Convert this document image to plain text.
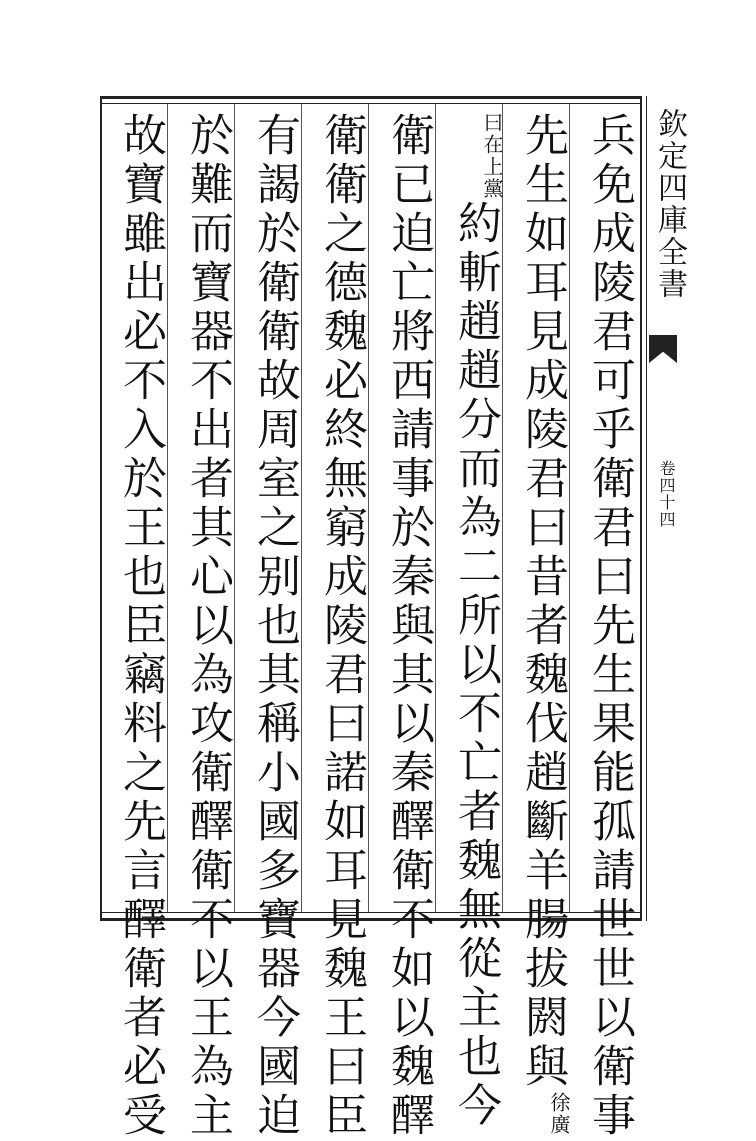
欽定四庫全書
卷四十四
兵免成陵君可乎衛君曰先生果能孤請世世以衛事
先生如耳見成陵君曰昔者魏伐趙斷羊腸拔閼與徐廣
曰在上黨約斬趙趙分而為二所以不亡者魏無從主也今
衛已迫亡將西請事於秦與其以秦醳衛不如以魏醳
衛衛之德魏必終無窮成陵君曰諾如耳見魏王曰臣
有謁於衛衛故周室之别也其稱小國多寶器今國迫
於難而寶器不出者其心以為攻衛醳衛不以王為主
故寶雖出必不入於王也臣竊料之先言醳衛者必受
